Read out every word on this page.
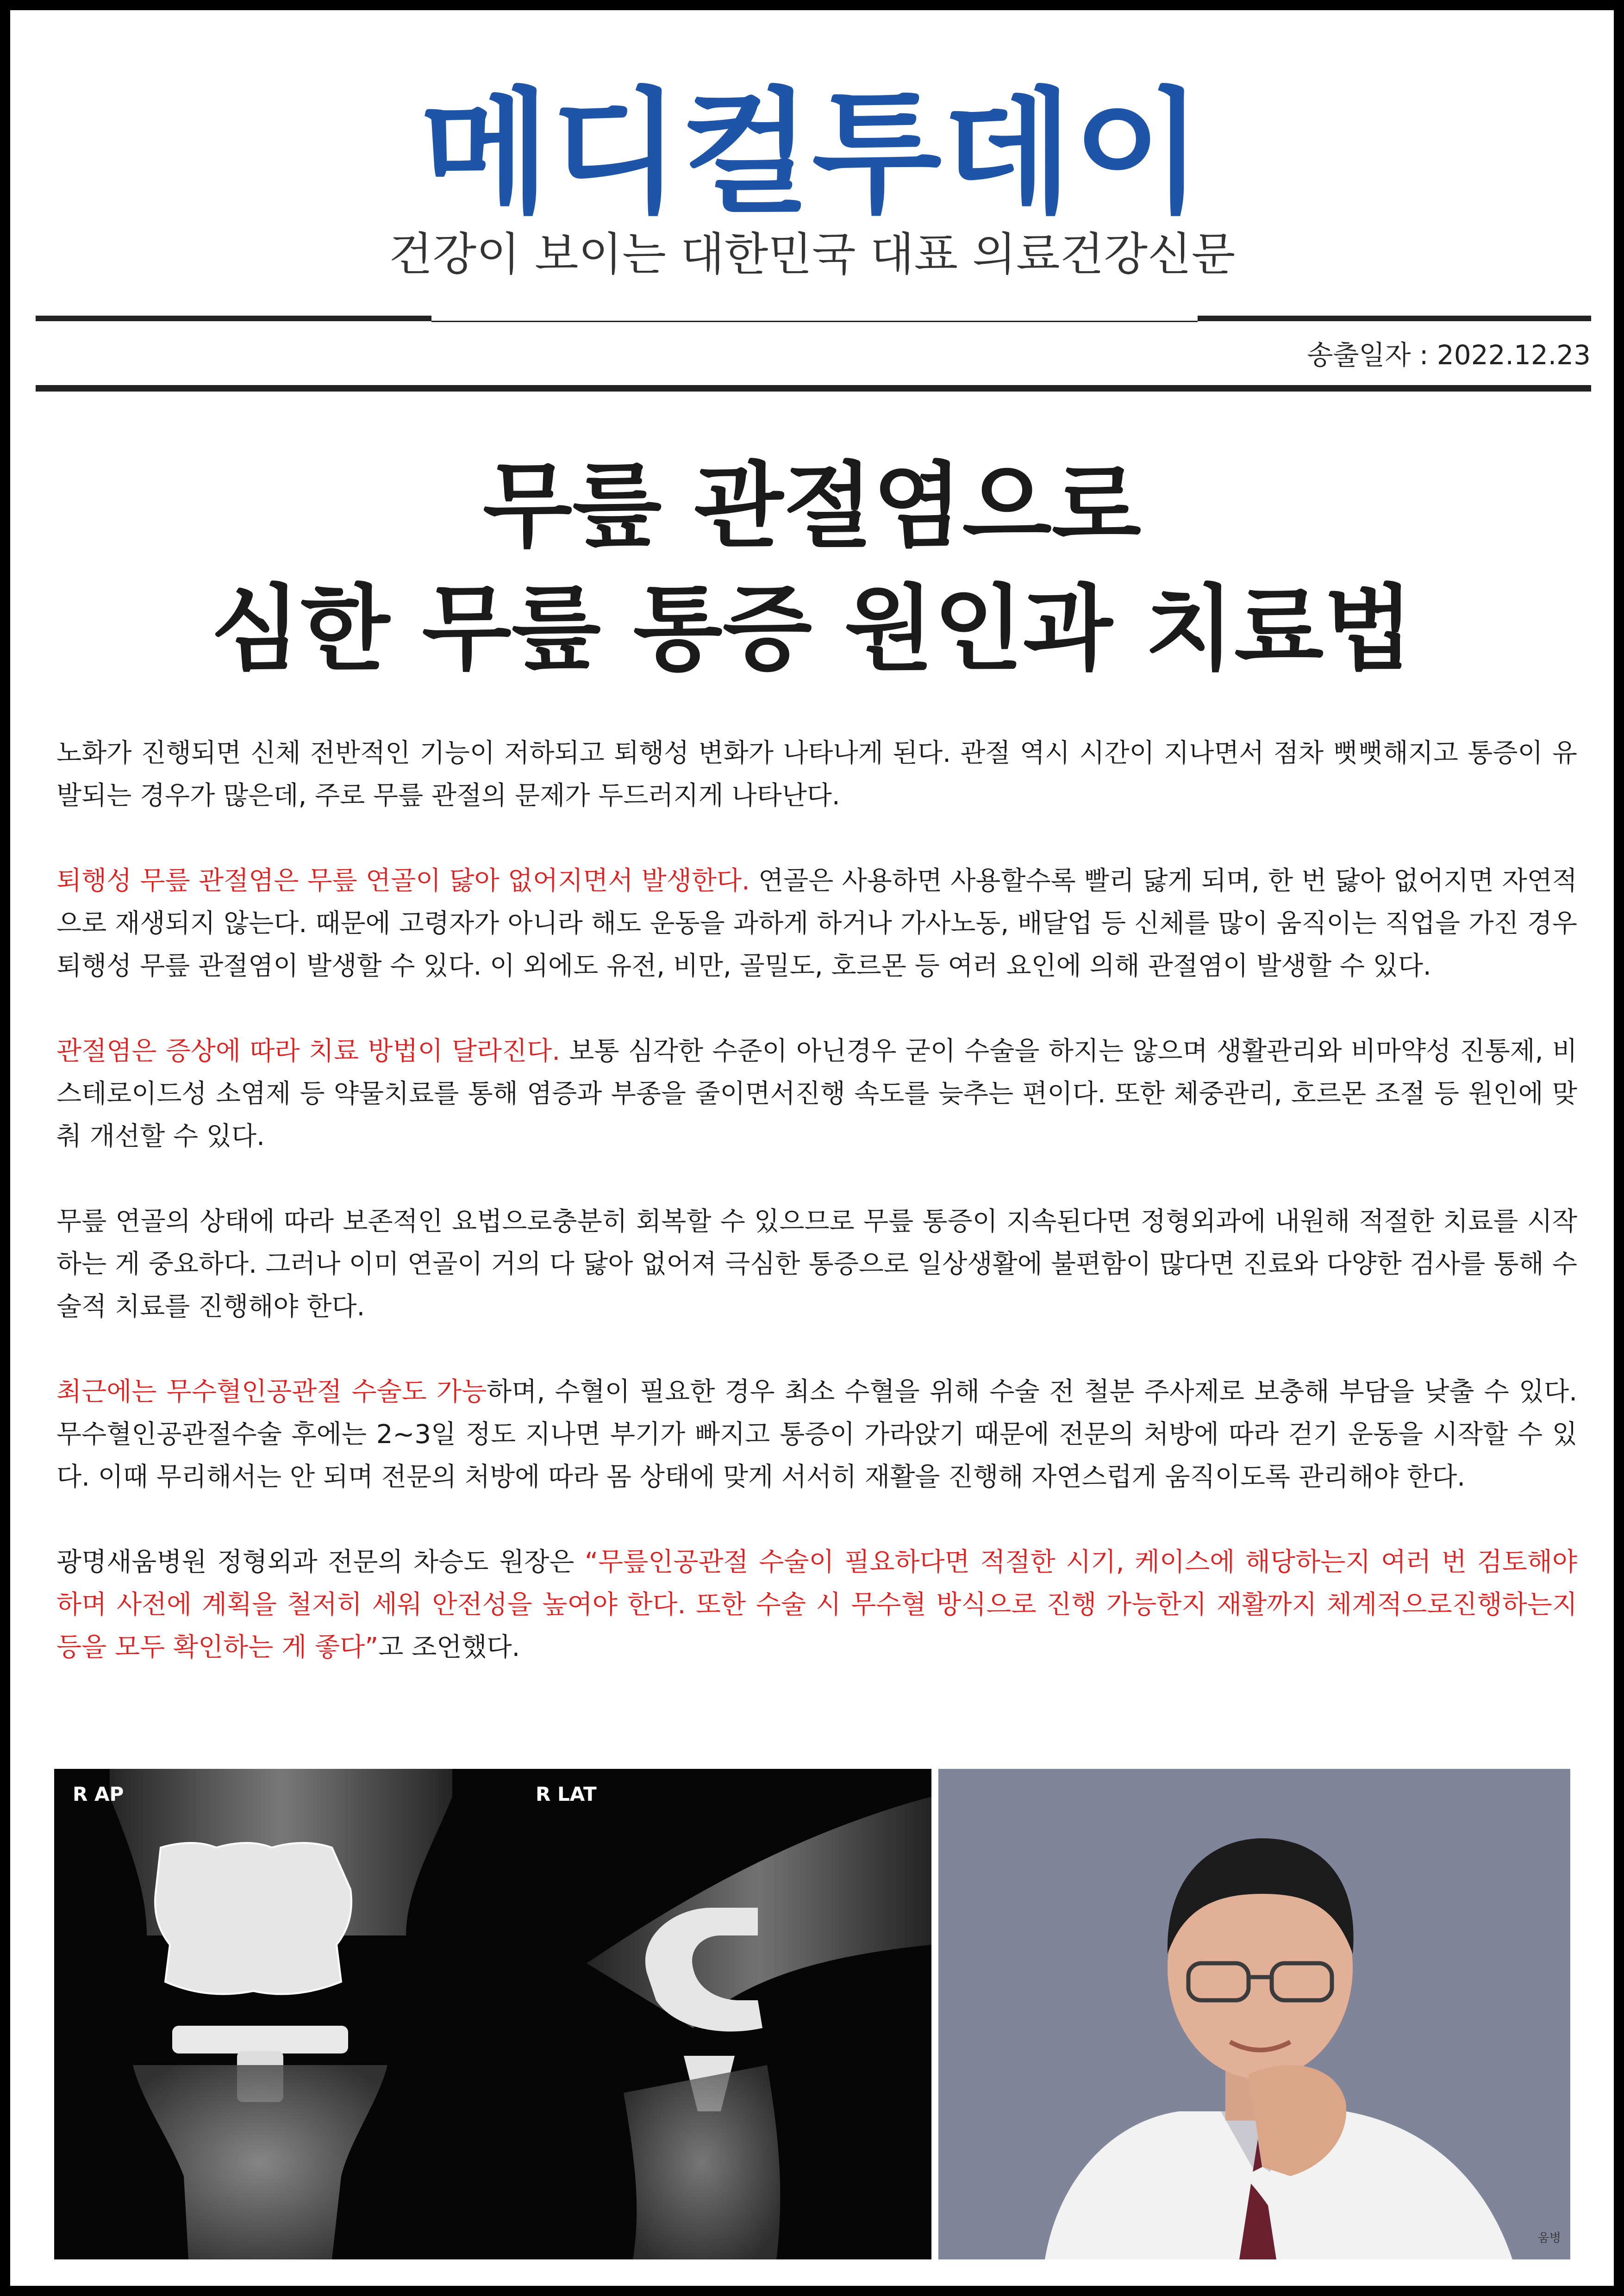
메디컬투데이
건강이 보이는 대한민국 대표 의료건강신문
송출일자 : 2022.12.23
무릎 관절염으로
심한 무릎 통증 원인과 치료법

노화가 진행되면 신체 전반적인 기능이 저하되고 퇴행성 변화가 나타나게 된다. 관절 역시 시간이 지나면서 점차 뻣뻣해지고 통증이 유발되는 경우가 많은데, 주로 무릎 관절의 문제가 두드러지게 나타난다.

퇴행성 무릎 관절염은 무릎 연골이 닳아 없어지면서 발생한다. 연골은 사용하면 사용할수록 빨리 닳게 되며, 한 번 닳아 없어지면 자연적으로 재생되지 않는다. 때문에 고령자가 아니라 해도 운동을 과하게 하거나 가사노동, 배달업 등 신체를 많이 움직이는 직업을 가진 경우 퇴행성 무릎 관절염이 발생할 수 있다. 이 외에도 유전, 비만, 골밀도, 호르몬 등 여러 요인에 의해 관절염이 발생할 수 있다.

관절염은 증상에 따라 치료 방법이 달라진다. 보통 심각한 수준이 아닌경우 굳이 수술을 하지는 않으며 생활관리와 비마약성 진통제, 비스테로이드성 소염제 등 약물치료를 통해 염증과 부종을 줄이면서진행 속도를 늦추는 편이다. 또한 체중관리, 호르몬 조절 등 원인에 맞춰 개선할 수 있다.

무릎 연골의 상태에 따라 보존적인 요법으로충분히 회복할 수 있으므로 무릎 통증이 지속된다면 정형외과에 내원해 적절한 치료를 시작하는 게 중요하다. 그러나 이미 연골이 거의 다 닳아 없어져 극심한 통증으로 일상생활에 불편함이 많다면 진료와 다양한 검사를 통해 수술적 치료를 진행해야 한다.

최근에는 무수혈인공관절 수술도 가능하며, 수혈이 필요한 경우 최소 수혈을 위해 수술 전 철분 주사제로 보충해 부담을 낮출 수 있다. 무수혈인공관절수술 후에는 2~3일 정도 지나면 부기가 빠지고 통증이 가라앉기 때문에 전문의 처방에 따라 걷기 운동을 시작할 수 있다. 이때 무리해서는 안 되며 전문의 처방에 따라 몸 상태에 맞게 서서히 재활을 진행해 자연스럽게 움직이도록 관리해야 한다.

광명새움병원 정형외과 전문의 차승도 원장은 “무릎인공관절 수술이 필요하다면 적절한 시기, 케이스에 해당하는지 여러 번 검토해야 하며 사전에 계획을 철저히 세워 안전성을 높여야 한다. 또한 수술 시 무수혈 방식으로 진행 가능한지 재활까지 체계적으로진행하는지 등을 모두 확인하는 게 좋다”고 조언했다.

R AP	R LAT
움병
